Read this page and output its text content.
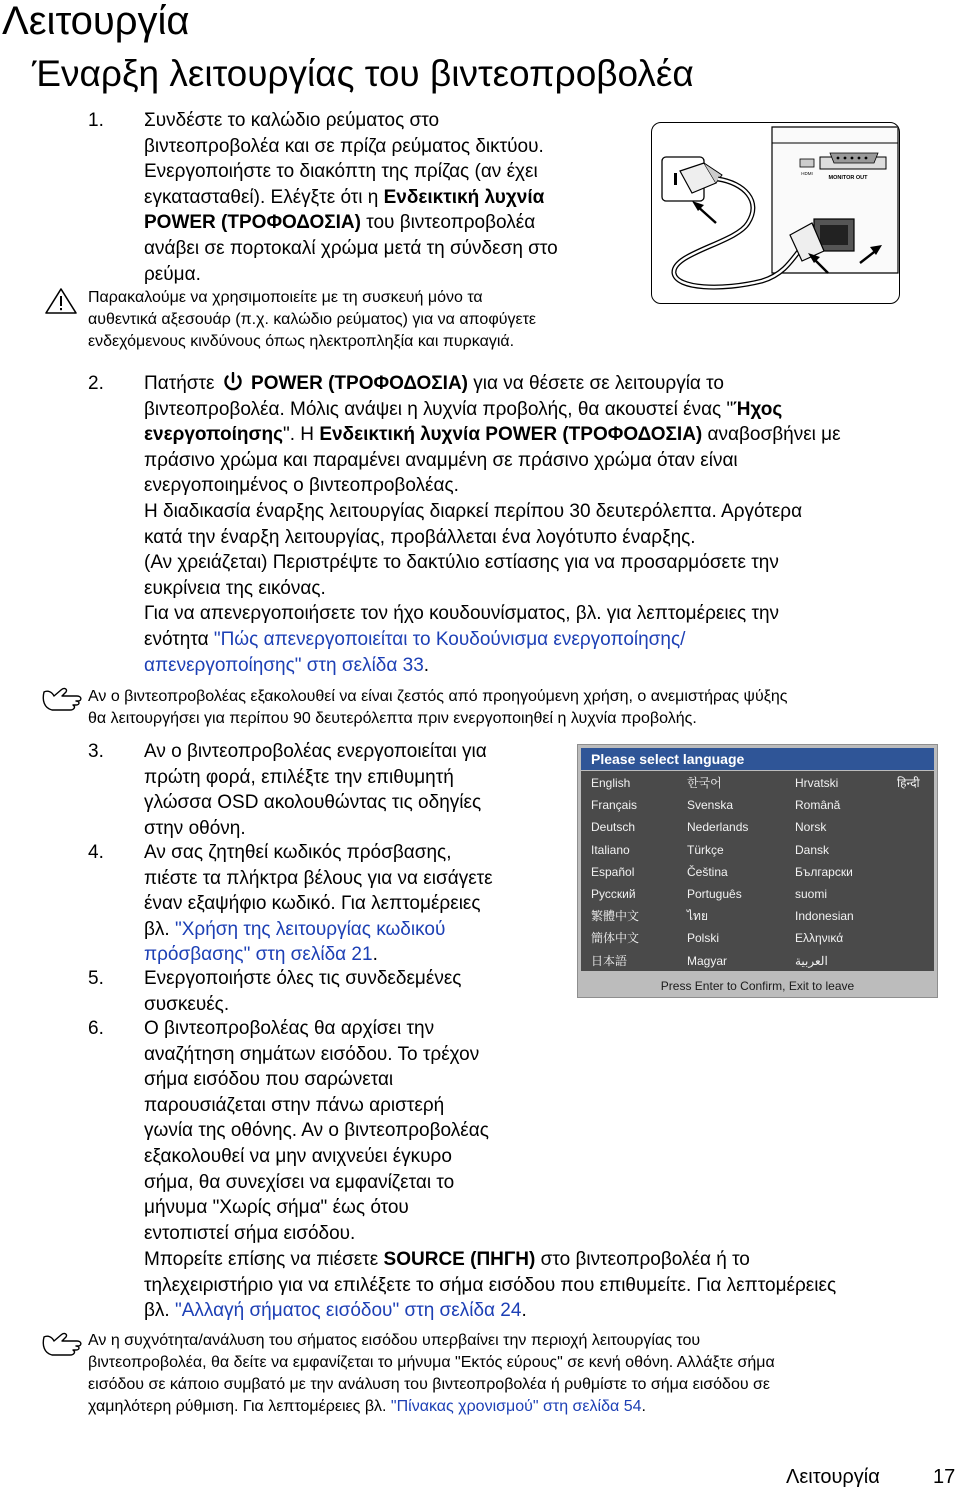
Λειτουργία
Έναρξη λειτουργίας του βιντεοπροβολέα
1. Συνδέστε το καλώδιο ρεύματος στο
βιντεοπροβολέα και σε πρίζα ρεύματος δικτύου.
Ενεργοποιήστε το διακόπτη της πρίζας (αν έχει
εγκατασταθεί). Ελέγξτε ότι η Ενδεικτική λυχνία
POWER (ΤΡΟΦΟΔΟΣΙΑ) του βιντεοπροβολέα
ανάβει σε πορτοκαλί χρώμα μετά τη σύνδεση στο
ρεύμα.
Παρακαλούμε να χρησιμοποιείτε με τη συσκευή μόνο τα
αυθεντικά αξεσουάρ (π.χ. καλώδιο ρεύματος) για να αποφύγετε
ενδεχόμενους κινδύνους όπως ηλεκτροπληξία και πυρκαγιά.
MONITOR OUT
HDMI
2. Πατήστε  POWER (ΤΡΟΦΟΔΟΣΙΑ) για να θέσετε σε λειτουργία το
βιντεοπροβολέα. Μόλις ανάψει η λυχνία προβολής, θα ακουστεί ένας "Ήχος
ενεργοποίησης". Η Ενδεικτική λυχνία POWER (ΤΡΟΦΟΔΟΣΙΑ) αναβοσβήνει με
πράσινο χρώμα και παραμένει αναμμένη σε πράσινο χρώμα όταν είναι
ενεργοποιημένος ο βιντεοπροβολέας.
Η διαδικασία έναρξης λειτουργίας διαρκεί περίπου 30 δευτερόλεπτα. Αργότερα
κατά την έναρξη λειτουργίας, προβάλλεται ένα λογότυπο έναρξης.
(Αν χρειάζεται) Περιστρέψτε το δακτύλιο εστίασης για να προσαρμόσετε την
ευκρίνεια της εικόνας.
Για να απενεργοποιήσετε τον ήχο κουδουνίσματος, βλ. για λεπτομέρειες την
ενότητα "Πώς απενεργοποιείται το Κουδούνισμα ενεργοποίησης/
απενεργοποίησης" στη σελίδα 33.
Αν ο βιντεοπροβολέας εξακολουθεί να είναι ζεστός από προηγούμενη χρήση, ο ανεμιστήρας ψύξης
θα λειτουργήσει για περίπου 90 δευτερόλεπτα πριν ενεργοποιηθεί η λυχνία προβολής.
3. Αν ο βιντεοπροβολέας ενεργοποιείται για
πρώτη φορά, επιλέξτε την επιθυμητή
γλώσσα OSD ακολουθώντας τις οδηγίες
στην οθόνη.
4. Αν σας ζητηθεί κωδικός πρόσβασης,
πιέστε τα πλήκτρα βέλους για να εισάγετε
έναν εξαψήφιο κωδικό. Για λεπτομέρειες
βλ. "Χρήση της λειτουργίας κωδικού
πρόσβασης" στη σελίδα 21.
5. Ενεργοποιήστε όλες τις συνδεδεμένες
συσκευές.
6. Ο βιντεοπροβολέας θα αρχίσει την
αναζήτηση σημάτων εισόδου. Το τρέχον
σήμα εισόδου που σαρώνεται
παρουσιάζεται στην πάνω αριστερή
γωνία της οθόνης. Αν ο βιντεοπροβολέας
εξακολουθεί να μην ανιχνεύει έγκυρο
σήμα, θα συνεχίσει να εμφανίζεται το
μήνυμα "Χωρίς σήμα" έως ότου
εντοπιστεί σήμα εισόδου.
Μπορείτε επίσης να πιέσετε SOURCE (ΠΗΓΗ) στο βιντεοπροβολέα ή το
τηλεχειριστήριο για να επιλέξετε το σήμα εισόδου που επιθυμείτε. Για λεπτομέρειες
βλ. "Αλλαγή σήματος εισόδου" στη σελίδα 24.
Please select language
English	한국어	Hrvatski	हिन्दी
Français	Svenska	Română
Deutsch	Nederlands	Norsk
Italiano	Türkçe	Dansk
Español	Čeština	Български
Русский	Português	suomi
繁體中文	ไทย	Indonesian
簡体中文	Polski	Ελληνικά
日本語	Magyar	العربية
Press Enter to Confirm, Exit to leave
Αν η συχνότητα/ανάλυση του σήματος εισόδου υπερβαίνει την περιοχή λειτουργίας του
βιντεοπροβολέα, θα δείτε να εμφανίζεται το μήνυμα "Εκτός εύρους" σε κενή οθόνη. Αλλάξτε σήμα
εισόδου σε κάποιο συμβατό με την ανάλυση του βιντεοπροβολέα ή ρυθμίστε το σήμα εισόδου σε
χαμηλότερη ρύθμιση. Για λεπτομέρειες βλ. "Πίνακας χρονισμού" στη σελίδα 54.
Λειτουργία	17
